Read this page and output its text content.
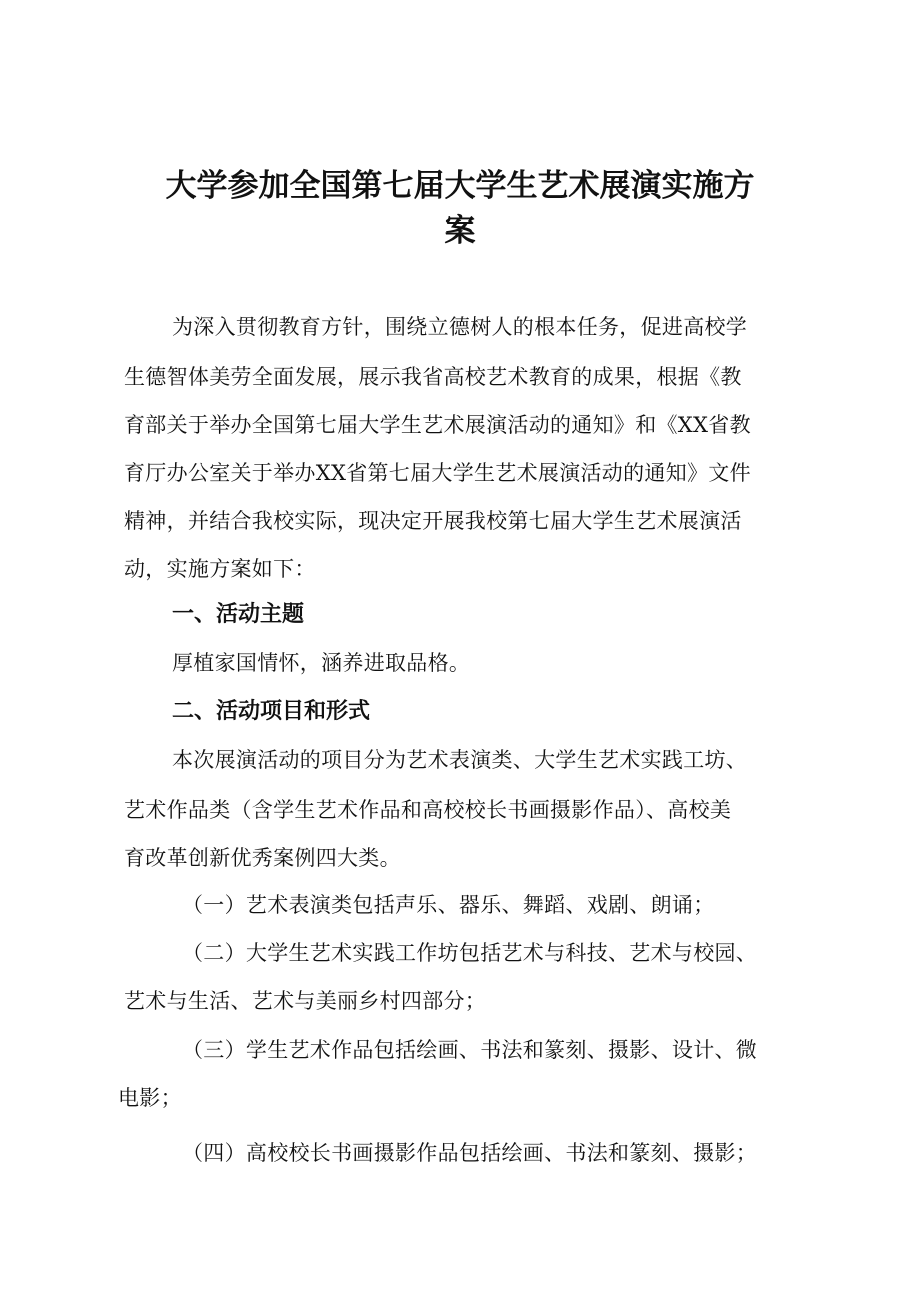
大学参加全国第七届大学生艺术展演实施方
案
为深入贯彻教育方针，围绕立德树人的根本任务，促进高校学
生德智体美劳全面发展，展示我省高校艺术教育的成果，根据《教
育部关于举办全国第七届大学生艺术展演活动的通知》和《XX省教
育厅办公室关于举办XX省第七届大学生艺术展演活动的通知》文件
精神，并结合我校实际，现决定开展我校第七届大学生艺术展演活
动，实施方案如下：
一、活动主题
厚植家国情怀，涵养进取品格。
二、活动项目和形式
本次展演活动的项目分为艺术表演类、大学生艺术实践工坊、
艺术作品类（含学生艺术作品和高校校长书画摄影作品）、高校美
育改革创新优秀案例四大类。
（一）艺术表演类包括声乐、器乐、舞蹈、戏剧、朗诵；
（二）大学生艺术实践工作坊包括艺术与科技、艺术与校园、
艺术与生活、艺术与美丽乡村四部分；
（三）学生艺术作品包括绘画、书法和篆刻、摄影、设计、微
电影；
（四）高校校长书画摄影作品包括绘画、书法和篆刻、摄影；
